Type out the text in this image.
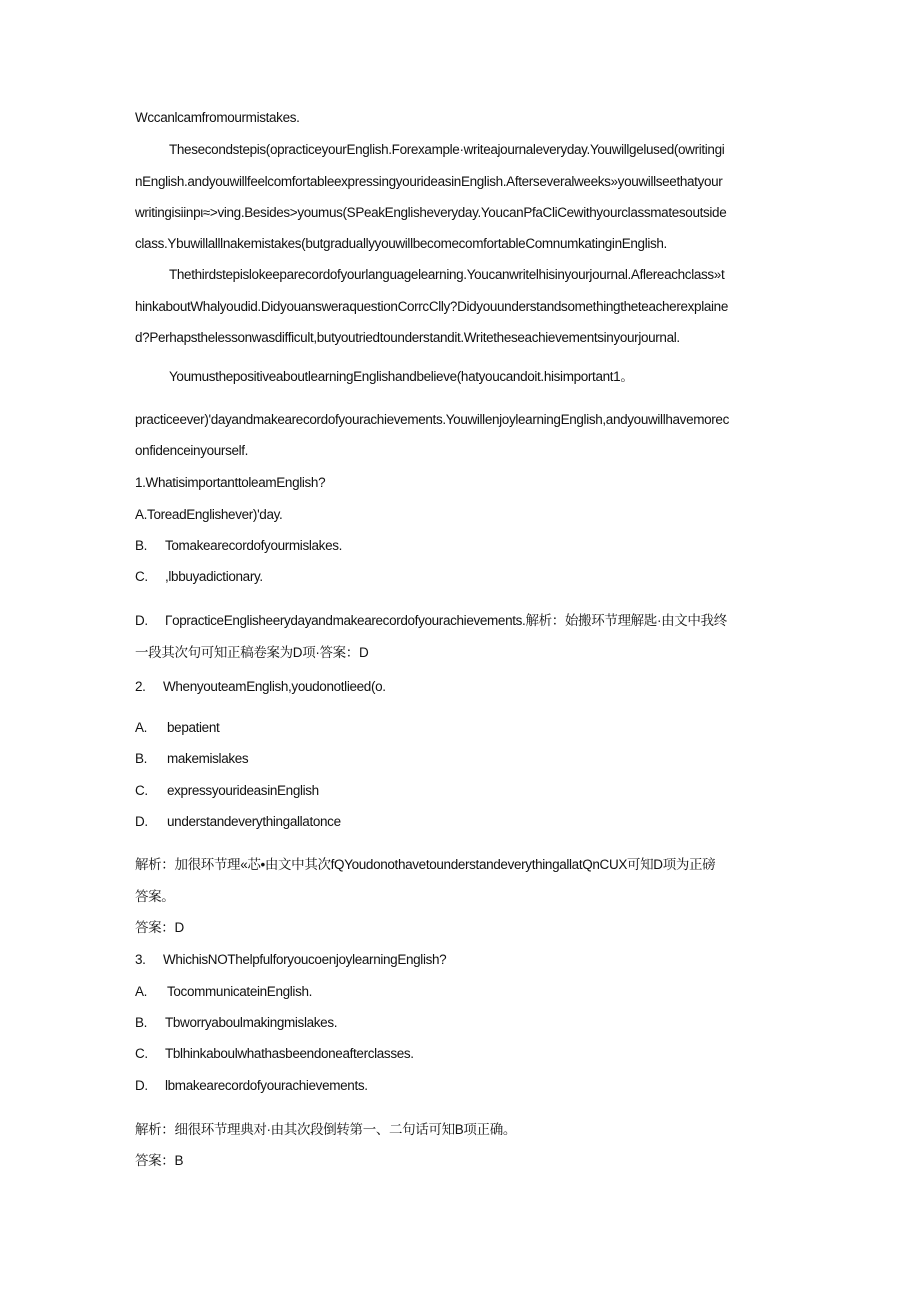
Wccanlcamfromourmistakes.
Thesecondstepis(opracticeyourEnglish.Forexample·writeajournaleveryday.Youwillgelused(owritingi
nEnglish.andyouwillfeelcomfortableexpressingyourideasinEnglish.Afterseveralweeks»youwillseethatyour
writingisiinpι≈>ving.Besides>youmus(SPeakEnglisheveryday.YoucanPfaCliCewithyourclassmatesoutside
class.Ybuwillalllnakemistakes(butgraduallyyouwillbecomecomfortableComnumkatinginEnglish.
Thethirdstepislokeeparecordofyourlanguagelearning.Youcanwritelhisinyourjournal.Aflereachclass»t
hinkaboutWhalyoudid.DidyouansweraquestionCorrcClly?Didyouunderstandsomethingtheteacherexplaine
d?Perhapsthelessonwasdifficult,butyoutriedtounderstandit.Writetheseachievementsinyourjournal.
YoumusthepositiveaboutlearningEnglishandbelieve(hatyoucandoit.hisimportant1。
practiceever)'dayandmakearecordofyourachievements.YouwillenjoylearningEnglish,andyouwillhavemorec
onfidenceinyourself.
1.WhatisimportanttoleamEnglish?
A.ToreadEnglishever)'day.
B. Tomakearecordofyourmislakes.
C. ,lbbuyadictionary.
D. ΓopracticeEnglisheerydayandmakearecordofyourachievements.解析：始搬环节理解匙·由文中我终
一段其次句可知正稿卷案为D项·答案：D
2. WhenyouteamEnglish,youdonotlieed(o.
A. bepatient
B. makemislakes
C. expressyourideasinEnglish
D. understandeverythingallatonce
解析：加很环节理«芯•由文中其次fQYoudonothavetounderstandeverythingallatQnCUX可知D项为正磅
答案。
答案：D
3. WhichisNOThelpfulforyoucoenjoylearningEnglish?
A. TocommunicateinEnglish.
B. Tbworryaboulmakingmislakes.
C. Tblhinkaboulwhathasbeendoneafterclasses.
D. lbmakearecordofyourachievements.
解析：细很环节理典对·由其次段倒转第一、二句话可知B项正确。
答案：B
